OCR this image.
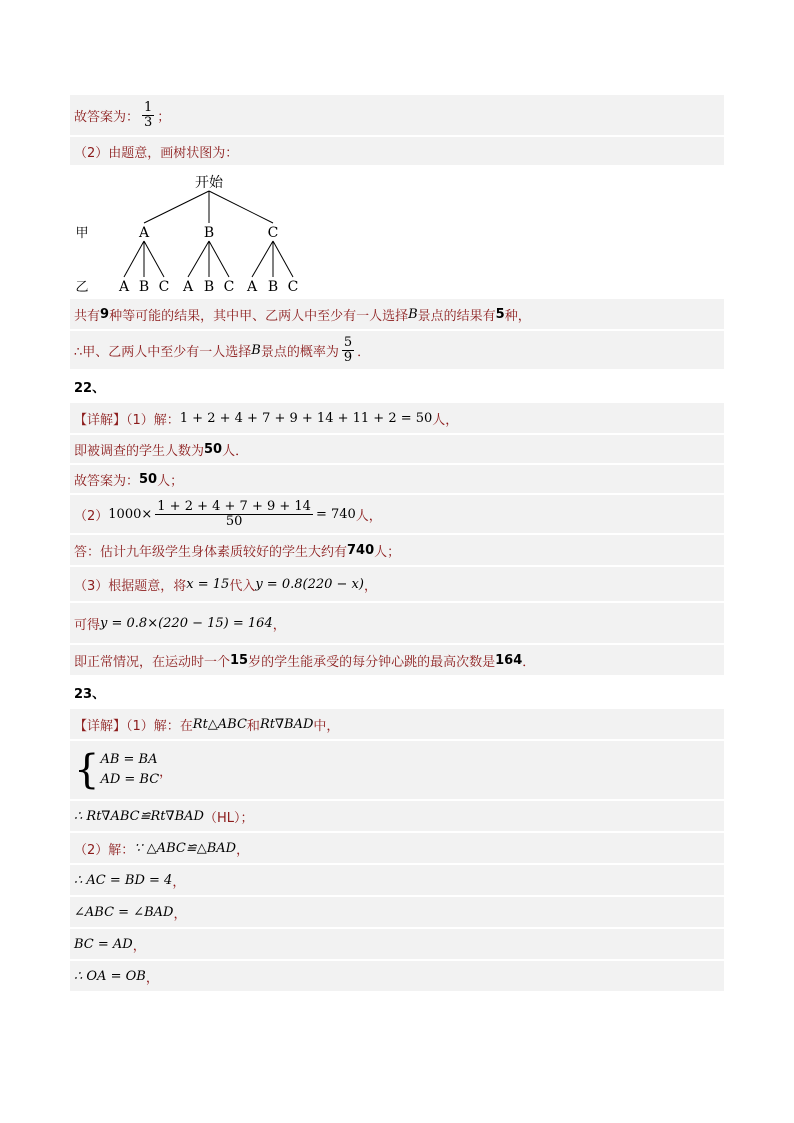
故答案为： $\frac{1}{3}$ ；
（2）由题意，画树状图为：
开始
甲
乙
A	B	C
A B C A B C A B C
共有 9 种等可能的结果，其中甲、乙两人中至少有一人选择 B 景点的结果有 5 种，
∴甲、乙两人中至少有一人选择 B 景点的概率为 $\frac{5}{9}$ ．
22、
【详解】（1）解： 1 + 2 + 4 + 7 + 9 + 14 + 11 + 2 = 50 人，
即被调查的学生人数为 50 人．
故答案为： 50 人；
（2） $1000\times \frac{1 + 2 + 4 + 7 + 9 + 14}{50} = 740$ 人，
答：估计九年级学生身体素质较好的学生大约有 740 人；
（3）根据题意，将 x = 15 代入 y = 0.8(220 − x) ，
可得 y = 0.8×(220 − 15) = 164 ，
即正常情况，在运动时一个 15 岁的学生能承受的每分钟心跳的最高次数是 164 ．
23、
【详解】（1）解：在 Rt△ABC 和 Rt∇BAD 中，
{ AB = BA
AD = BC ，
∴ Rt∇ABC≌Rt∇BAD （HL）；
（2）解： ∵ △ABC≌△BAD ，
∴ AC = BD = 4 ，
∠ABC = ∠BAD ，
BC = AD ，
∴ OA = OB ，
